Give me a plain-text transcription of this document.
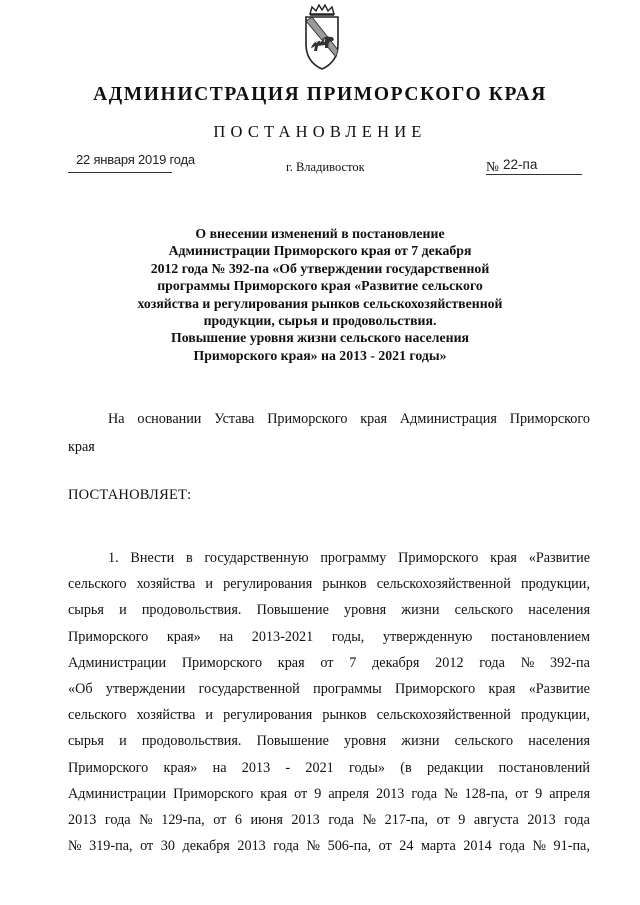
АДМИНИСТРАЦИЯ ПРИМОРСКОГО КРАЯ
ПОСТАНОВЛЕНИЕ
22 января 2019 года	г. Владивосток	№ 22-па
О внесении изменений в постановление
Администрации Приморского края от 7 декабря
2012 года № 392-па «Об утверждении государственной
программы Приморского края «Развитие сельского
хозяйства и регулирования рынков сельскохозяйственной
продукции, сырья и продовольствия.
Повышение уровня жизни сельского населения
Приморского края» на 2013 - 2021 годы»
На основании Устава Приморского края Администрация Приморского
края
ПОСТАНОВЛЯЕТ:
1. Внести в государственную программу Приморского края «Развитие
сельского хозяйства и регулирования рынков сельскохозяйственной продукции,
сырья и продовольствия. Повышение уровня жизни сельского населения
Приморского края» на 2013-2021 годы, утвержденную постановлением
Администрации Приморского края от 7 декабря 2012 года № 392-па
«Об утверждении государственной программы Приморского края «Развитие
сельского хозяйства и регулирования рынков сельскохозяйственной продукции,
сырья и продовольствия. Повышение уровня жизни сельского населения
Приморского края» на 2013 - 2021 годы» (в редакции постановлений
Администрации Приморского края от 9 апреля 2013 года № 128-па, от 9 апреля
2013 года № 129-па, от 6 июня 2013 года № 217-па, от 9 августа 2013 года
№ 319-па, от 30 декабря 2013 года № 506-па, от 24 марта 2014 года № 91-па,
